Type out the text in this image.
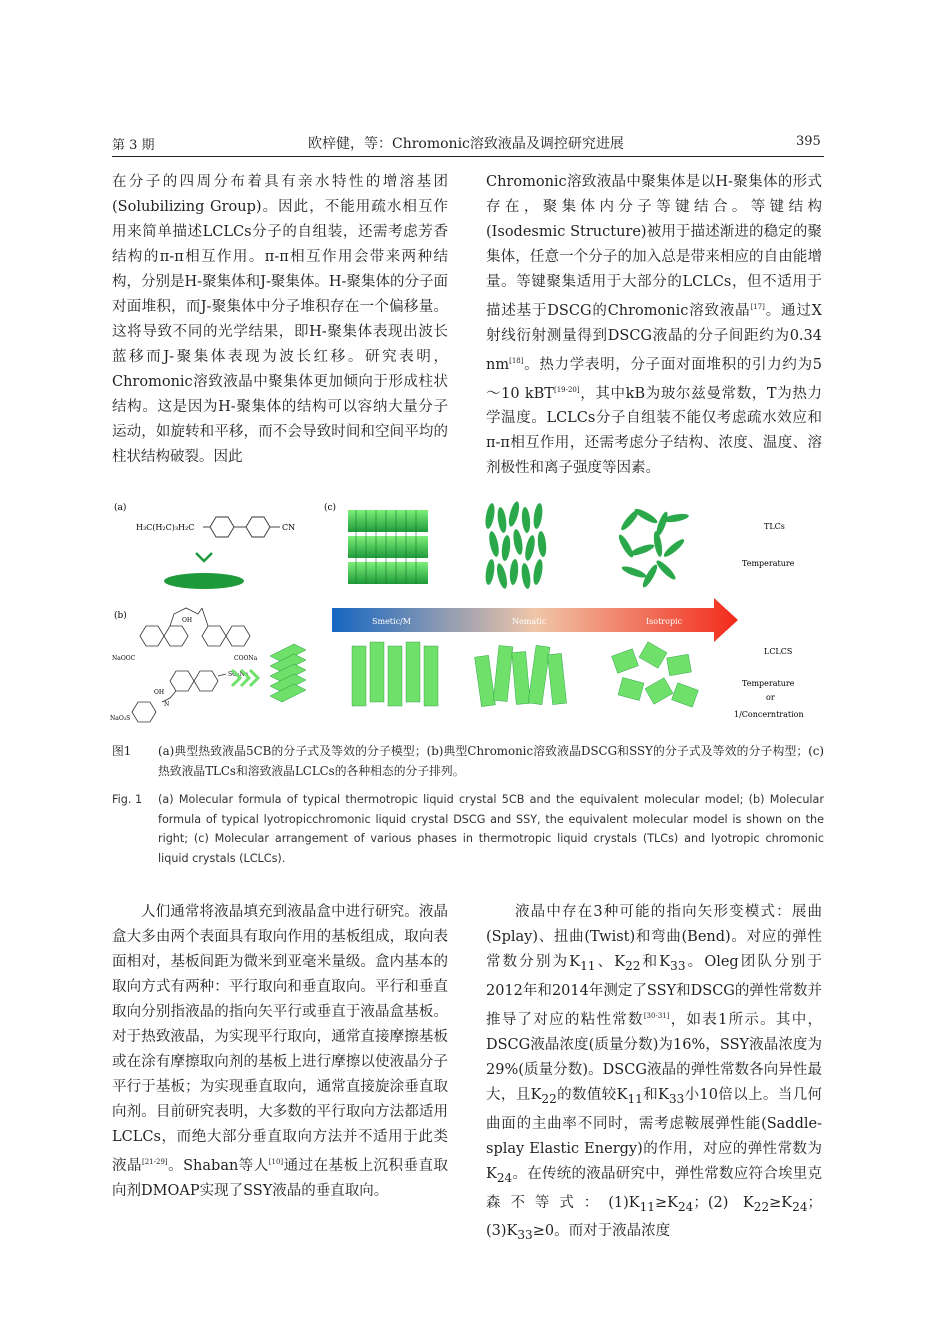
第 3 期	欧梓健，等：Chromonic溶致液晶及调控研究进展	395

在分子的四周分布着具有亲水特性的增溶基团(Solubilizing Group)。因此，不能用疏水相互作用来简单描述LCLCs分子的自组装，还需考虑芳香结构的π-π相互作用。π-π相互作用会带来两种结构，分别是H-聚集体和J-聚集体。H-聚集体的分子面对面堆积，而J-聚集体中分子堆积存在一个偏移量。这将导致不同的光学结果，即H-聚集体表现出波长蓝移而J-聚集体表现为波长红移。研究表明，Chromonic溶致液晶中聚集体更加倾向于形成柱状结构。这是因为H-聚集体的结构可以容纳大量分子运动，如旋转和平移，而不会导致时间和空间平均的柱状结构破裂。因此

Chromonic溶致液晶中聚集体是以H-聚集体的形式存在，聚集体内分子等键结合。等键结构(Isodesmic Structure)被用于描述渐进的稳定的聚集体，任意一个分子的加入总是带来相应的自由能增量。等键聚集适用于大部分的LCLCs，但不适用于描述基于DSCG的Chromonic溶致液晶[17]。通过X射线衍射测量得到DSCG液晶的分子间距约为0.34 nm[18]。热力学表明，分子面对面堆积的引力约为5～10 kBT[19-20]，其中kB为玻尔兹曼常数，T为热力学温度。LCLCs分子自组装不能仅考虑疏水效应和π-π相互作用，还需考虑分子结构、浓度、温度、溶剂极性和离子强度等因素。

(a)
(b)
(c)
H₃C(H₂C)₃H₂C	CN
OH
NaOOC	COONa
SO₃Na
OH
N
NaO₃S
Smetic/M	Nematic	Isotropic
TLCs
Temperature
LCLCS
Temperature
or
1/Concerntration
图1	(a)典型热致液晶5CB的分子式及等效的分子模型；(b)典型Chromonic溶致液晶DSCG和SSY的分子式及等效的分子构型；(c)热致液晶TLCs和溶致液晶LCLCs的各种相态的分子排列。
Fig. 1	(a) Molecular formula of typical thermotropic liquid crystal 5CB and the equivalent molecular model; (b) Molecular formula of typical lyotropicchromonic liquid crystal DSCG and SSY, the equivalent molecular model is shown on the right; (c) Molecular arrangement of various phases in thermotropic liquid crystals (TLCs) and lyotropic chromonic liquid crystals (LCLCs).

人们通常将液晶填充到液晶盒中进行研究。液晶盒大多由两个表面具有取向作用的基板组成，取向表面相对，基板间距为微米到亚毫米量级。盒内基本的取向方式有两种：平行取向和垂直取向。平行和垂直取向分别指液晶的指向矢平行或垂直于液晶盒基板。对于热致液晶，为实现平行取向，通常直接摩擦基板或在涂有摩擦取向剂的基板上进行摩擦以使液晶分子平行于基板；为实现垂直取向，通常直接旋涂垂直取向剂。目前研究表明，大多数的平行取向方法都适用LCLCs，而绝大部分垂直取向方法并不适用于此类液晶[21-29]。Shaban等人[10]通过在基板上沉积垂直取向剂DMOAP实现了SSY液晶的垂直取向。

液晶中存在3种可能的指向矢形变模式：展曲(Splay)、扭曲(Twist)和弯曲(Bend)。对应的弹性常数分别为$K_{11}$、$K_{22}$和$K_{33}$。Oleg团队分别于2012年和2014年测定了SSY和DSCG的弹性常数并推导了对应的粘性常数[30-31]，如表1所示。其中，DSCG液晶浓度(质量分数)为16%，SSY液晶浓度为29%(质量分数)。DSCG液晶的弹性常数各向异性最大，且$K_{22}$的数值较$K_{11}$和$K_{33}$小10倍以上。当几何曲面的主曲率不同时，需考虑鞍展弹性能(Saddle-splay Elastic Energy)的作用，对应的弹性常数为$K_{24}$。在传统的液晶研究中，弹性常数应符合埃里克森不等式：$(1)K_{11}\ge K_{24}$；(2) $K_{22}\ge K_{24}$；$(3)K_{33}\ge 0$。而对于液晶浓度
